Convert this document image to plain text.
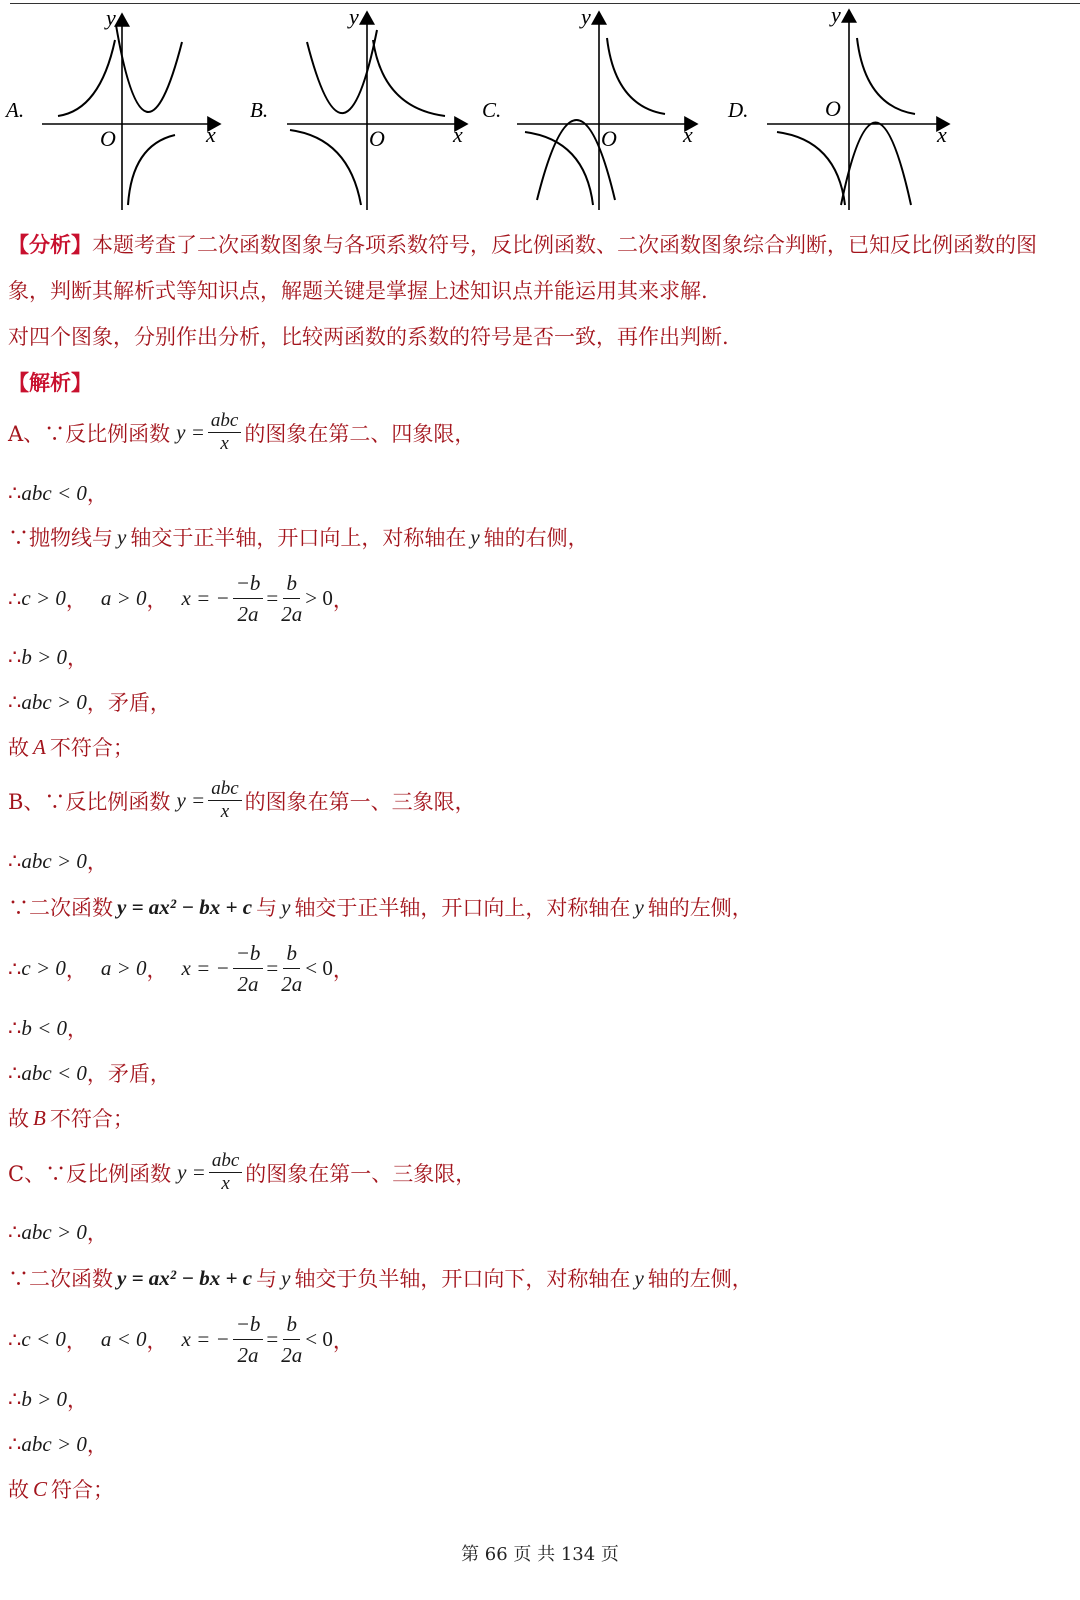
A.
y
x
O
B.
y
x
O
C.
y
x
O
D.
y
x
O

【分析】本题考查了二次函数图象与各项系数符号，反比例函数、二次函数图象综合判断，已知反比例函数的图象，判断其解析式等知识点，解题关键是掌握上述知识点并能运用其来求解.

对四个图象，分别作出分析，比较两函数的系数的符号是否一致，再作出判断.

【解析】

A、∵反比例函数 $y = \frac{\text{abc}}{x}$ 的图象在第二、四象限，
∴ abc < 0 ，
∵抛物线与 y 轴交于正半轴，开口向上，对称轴在 y 轴的右侧，
∴ c > 0 ， a > 0 ， x = − $\frac{-b}{2a} = \frac{b}{2a} > 0$ ，
∴ b > 0 ，
∴ abc > 0 ，矛盾，
故 A 不符合；
B、∵反比例函数 $y = \frac{\text{abc}}{x}$ 的图象在第一、三象限，
∴ abc > 0 ，
∵二次函数 y = ax² − bx + c 与 y 轴交于正半轴，开口向上，对称轴在 y 轴的左侧，
∴ c > 0 ， a > 0 ， x = − $\frac{-b}{2a} = \frac{b}{2a} < 0$ ，
∴ b < 0 ，
∴ abc < 0 ，矛盾，
故 B 不符合；
C、∵反比例函数 $y = \frac{\text{abc}}{x}$ 的图象在第一、三象限，
∴ abc > 0 ，
∵二次函数 y = ax² − bx + c 与 y 轴交于负半轴，开口向下，对称轴在 y 轴的左侧，
∴ c < 0 ， a < 0 ， x = − $\frac{-b}{2a} = \frac{b}{2a} < 0$ ，
∴ b > 0 ，
∴ abc > 0 ，
故 C 符合；
第 66 页 共 134 页
